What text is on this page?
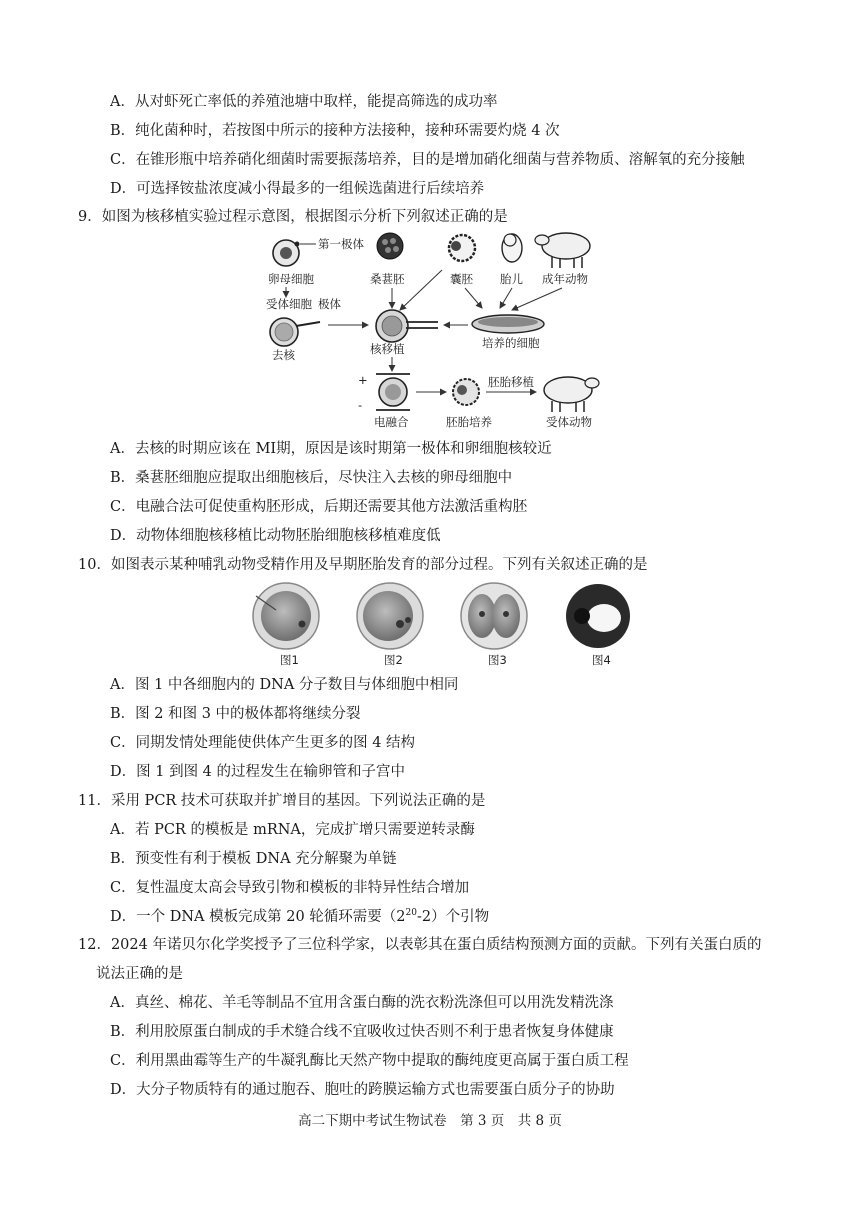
A．从对虾死亡率低的养殖池塘中取样，能提高筛选的成功率
B．纯化菌种时，若按图中所示的接种方法接种，接种环需要灼烧 4 次
C．在锥形瓶中培养硝化细菌时需要振荡培养，目的是增加硝化细菌与营养物质、溶解氧的充分接触
D．可选择铵盐浓度减小得最多的一组候选菌进行后续培养
9．如图为核移植实验过程示意图，根据图示分析下列叙述正确的是
第一极体
卵母细胞
受体细胞 极体
去核
桑葚胚	囊胚 胎儿 成年动物
核移植	培养的细胞
+
-
电融合	胚胎培养
胚胎移植
受体动物
A．去核的时期应该在 MⅠ期，原因是该时期第一极体和卵细胞核较近
B．桑葚胚细胞应提取出细胞核后，尽快注入去核的卵母细胞中
C．电融合法可促使重构胚形成，后期还需要其他方法激活重构胚
D．动物体细胞核移植比动物胚胎细胞核移植难度低
10．如图表示某种哺乳动物受精作用及早期胚胎发育的部分过程。下列有关叙述正确的是
图1	图2	图3	图4
A．图 1 中各细胞内的 DNA 分子数目与体细胞中相同
B．图 2 和图 3 中的极体都将继续分裂
C．同期发情处理能使供体产生更多的图 4 结构
D．图 1 到图 4 的过程发生在输卵管和子宫中
11．采用 PCR 技术可获取并扩增目的基因。下列说法正确的是
A．若 PCR 的模板是 mRNA，完成扩增只需要逆转录酶
B．预变性有利于模板 DNA 充分解聚为单链
C．复性温度太高会导致引物和模板的非特异性结合增加
D．一个 DNA 模板完成第 20 轮循环需要$(2^{20}-2)$个引物
12．2024 年诺贝尔化学奖授予了三位科学家，以表彰其在蛋白质结构预测方面的贡献。下列有关蛋白质的
说法正确的是
A．真丝、棉花、羊毛等制品不宜用含蛋白酶的洗衣粉洗涤但可以用洗发精洗涤
B．利用胶原蛋白制成的手术缝合线不宜吸收过快否则不利于患者恢复身体健康
C．利用黑曲霉等生产的牛凝乳酶比天然产物中提取的酶纯度更高属于蛋白质工程
D．大分子物质特有的通过胞吞、胞吐的跨膜运输方式也需要蛋白质分子的协助
高二下期中考试生物试卷　第 3 页　共 8 页
